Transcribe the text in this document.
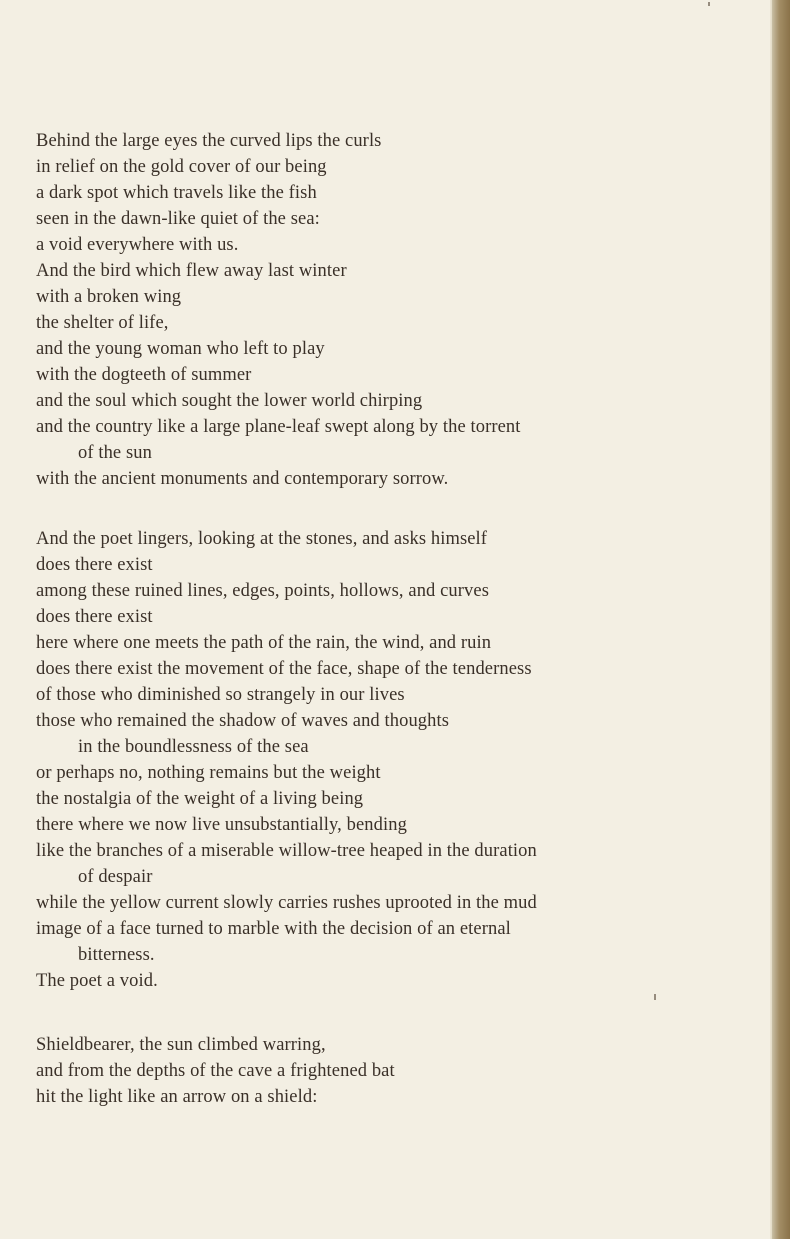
Behind the large eyes the curved lips the curls
in relief on the gold cover of our being
a dark spot which travels like the fish
seen in the dawn-like quiet of the sea:
a void everywhere with us.
And the bird which flew away last winter
with a broken wing
the shelter of life,
and the young woman who left to play
with the dogteeth of summer
and the soul which sought the lower world chirping
and the country like a large plane-leaf swept along by the torrent
of the sun
with the ancient monuments and contemporary sorrow.
And the poet lingers, looking at the stones, and asks himself
does there exist
among these ruined lines, edges, points, hollows, and curves
does there exist
here where one meets the path of the rain, the wind, and ruin
does there exist the movement of the face, shape of the tenderness
of those who diminished so strangely in our lives
those who remained the shadow of waves and thoughts
in the boundlessness of the sea
or perhaps no, nothing remains but the weight
the nostalgia of the weight of a living being
there where we now live unsubstantially, bending
like the branches of a miserable willow-tree heaped in the duration
of despair
while the yellow current slowly carries rushes uprooted in the mud
image of a face turned to marble with the decision of an eternal
bitterness.
The poet a void.
Shieldbearer, the sun climbed warring,
and from the depths of the cave a frightened bat
hit the light like an arrow on a shield:
